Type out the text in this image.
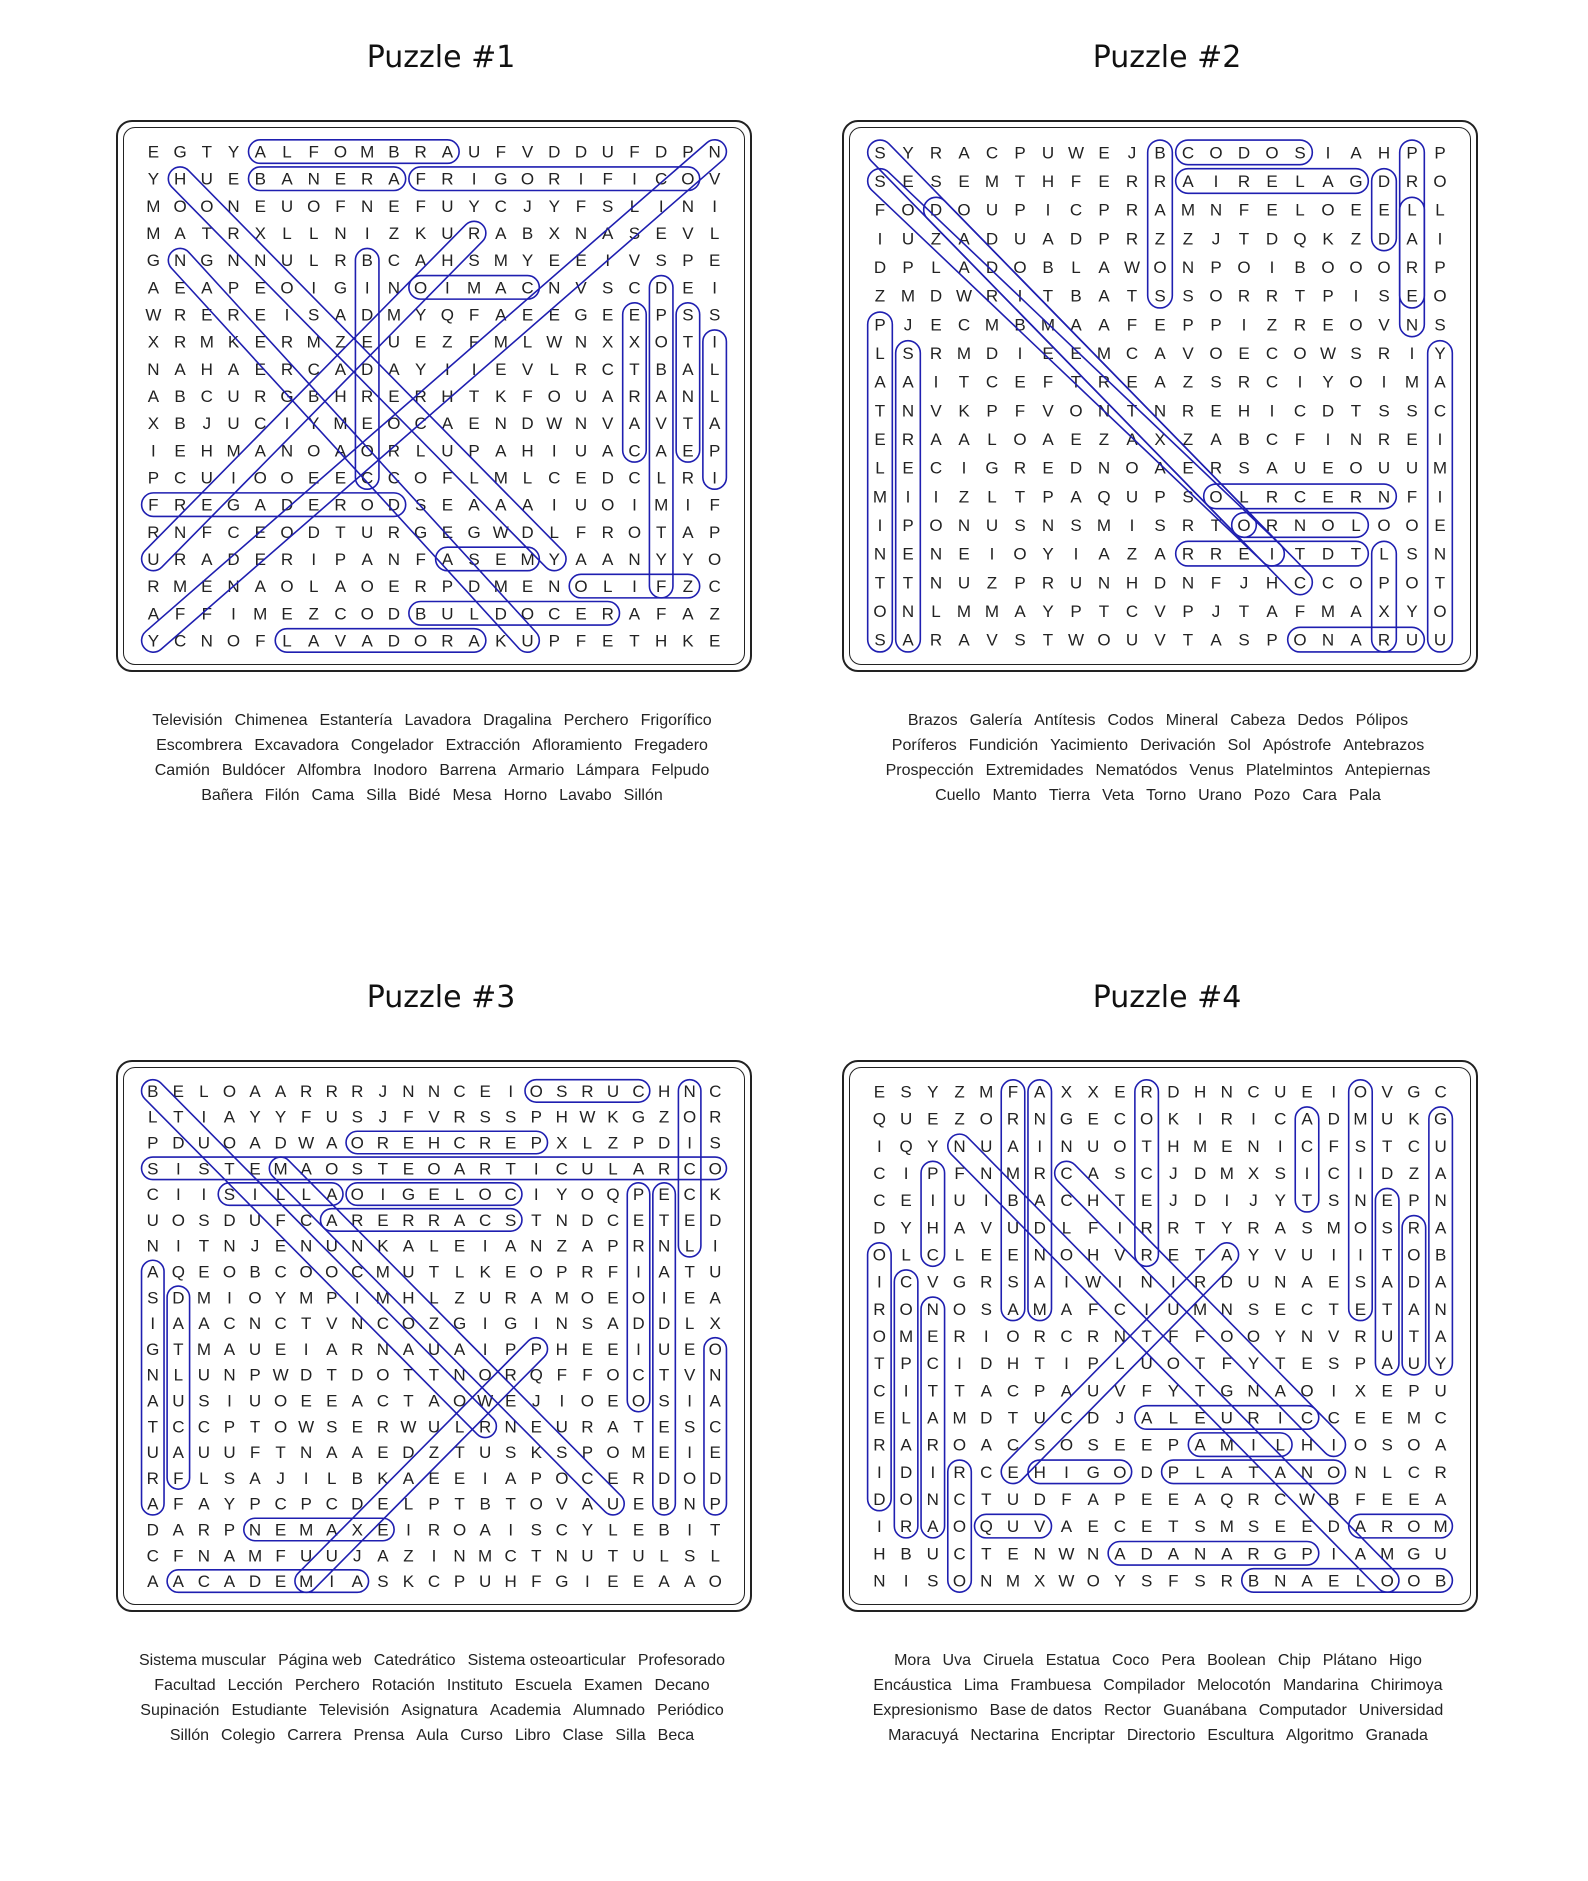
Puzzle #1
E G T Y A L F O M B R A U F V D D U F D P N
Y H U E B A N E R A F R I G O R I F I C O V
M O O N E U O F N E F U Y C J Y F S L I N I
M A T R X L L N I Z K U R A B X N A S E V L
G N G N N U L R B C A H S M Y E E I V S P E
A E A P E O I G I N O I M A C N V S C D E I
W R E R E I S A D M Y Q F A E E G E E P S S
X R M K E R M Z E U E Z F M L W N X X O T I
N A H A E R C A D A Y I I E V L R C T B A L
A B C U R G B H R E R H T K F O U A R A N L
X B J U C I Y M E O C A E N D W N V A V T A
I E H M A N O A O R L U P A H I U A C A E P
P C U I O O E E C C O F L M L C E D C L R I
F R E G A D E R O D S E A A A I U O I M I F
R N F C E O D T U R G E G W D L F R O T A P
U R A D E R I P A N F A S E M Y A A N Y Y O
R M E N A O L A O E R P D M E N O L I F Z C
A F F I M E Z C O D B U L D O C E R A F A Z
Y C N O F L A V A D O R A K U P F E T H K E
Televisión Chimenea Estantería Lavadora Dragalina Perchero Frigorífico
Escombrera Excavadora Congelador Extracción Afloramiento Fregadero
Camión Buldócer Alfombra Inodoro Barrena Armario Lámpara Felpudo
Bañera Filón Cama Silla Bidé Mesa Horno Lavabo Sillón
Puzzle #2
S Y R A C P U W E J B C O D O S I A H P P
S E S E M T H F E R R A I R E L A G D R O
F O D O U P I C P R A M N F E L O E E L L
I U Z A D U A D P R Z Z J T D Q K Z D A I
D P L A D O B L A W O N P O I B O O O R P
Z M D W R I T B A T S S O R R T P I S E O
P J E C M B M A A F E P P I Z R E O V N S
L S R M D I E E M C A V O E C O W S R I Y
A A I T C E F T R E A Z S R C I Y O I M A
T N V K P F V O N T N R E H I C D T S S C
E R A A L O A E Z A X Z A B C F I N R E I
L E C I G R E D N O A E R S A U E O U U M
M I I Z L T P A Q U P S O L R C E R N F I
I P O N U S N S M I S R T O R N O L O O E
N E N E I O Y I A Z A R R E I T D T L S N
T T N U Z P R U N H D N F J H C C O P O T
O N L M M A Y P T C V P J T A F M A X Y O
S A R A V S T W O U V T A S P O N A R U U
Brazos Galería Antítesis Codos Mineral Cabeza Dedos Pólipos
Poríferos Fundición Yacimiento Derivación Sol Apóstrofe Antebrazos
Prospección Extremidades Nematódos Venus Platelmintos Antepiernas
Cuello Manto Tierra Veta Torno Urano Pozo Cara Pala
Puzzle #3
B E L O A A R R R J N N C E I O S R U C H N C
L T I A Y Y F U S J F V R S S P H W K G Z O R
P D U O A D W A O R E H C R E P X L Z P D I S
S I S T E M A O S T E O A R T I C U L A R C O
C I I S I L L A O I G E L O C I Y O Q P E C K
U O S D U F C A R E R R A C S T N D C E T E D
N I T N J E N U N K A L E I A N Z A P R N L I
A Q E O B C O O C M U T L K E O P R F I A T U
S D M I O Y M P I M H L Z U R A M O E O I E A
I A A C N C T V N C O Z G I G I N S A D D L X
G T M A U E I A R N A U A I P P H E E I U E O
N L U N P W D T D O T T N O R Q F F O C T V N
A U S I U O E E A C T A O W E J I O E O S I A
T C C P T O W S E R W U L R N E U R A T E S C
U A U U F T N A A E D Z T U S K S P O M E I E
R F L S A J I L B K A E E I A P O C E R D O D
A F A Y P C P C D E L P T B T O V A U E B N P
D A R P N E M A X E I R O A I S C Y L E B I T
C F N A M F U U J A Z I N M C T N U T U L S L
A A C A D E M I A S K C P U H F G I E E A A O
Sistema muscular Página web Catedrático Sistema osteoarticular Profesorado
Facultad Lección Perchero Rotación Instituto Escuela Examen Decano
Supinación Estudiante Televisión Asignatura Academia Alumnado Periódico
Sillón Colegio Carrera Prensa Aula Curso Libro Clase Silla Beca
Puzzle #4
E S Y Z M F A X X E R D H N C U E I O V G C
Q U E Z O R N G E C O K I R I C A D M U K G
I Q Y N U A I N U O T H M E N I C F S T C U
C I P F N M R C A S C J D M X S I C I D Z A
C E I U I B A C H T E J D I J Y T S N E P N
D Y H A V U D L F I R R T Y R A S M O S R A
O L C L E E N O H V R E T A Y V U I I T O B
I C V G R S A I W I N I R D U N A E S A D A
R O N O S A M A F C I U M N S E C T E T A N
O M E R I O R C R N T F F O O Y N V R U T A
T P C I D H T I P L U O T F Y T E S P A U Y
C I T T A C P A U V F Y T G N A O I X E P U
E L A M D T U C D J A L E U R I C C E E M C
R A R O A C S O S E E P A M I L H I O S O A
I D I R C E H I G O D P L A T A N O N L C R
D O N C T U D F A P E E A Q R C W B F E E A
I R A O Q U V A E C E T S M S E E D A R O M
H B U C T E N W N A D A N A R G P I A M G U
N I S O N M X W O Y S F S R B N A E L O O B
Mora Uva Ciruela Estatua Coco Pera Boolean Chip Plátano Higo
Encáustica Lima Frambuesa Compilador Melocotón Mandarina Chirimoya
Expresionismo Base de datos Rector Guanábana Computador Universidad
Maracuyá Nectarina Encriptar Directorio Escultura Algoritmo Granada
